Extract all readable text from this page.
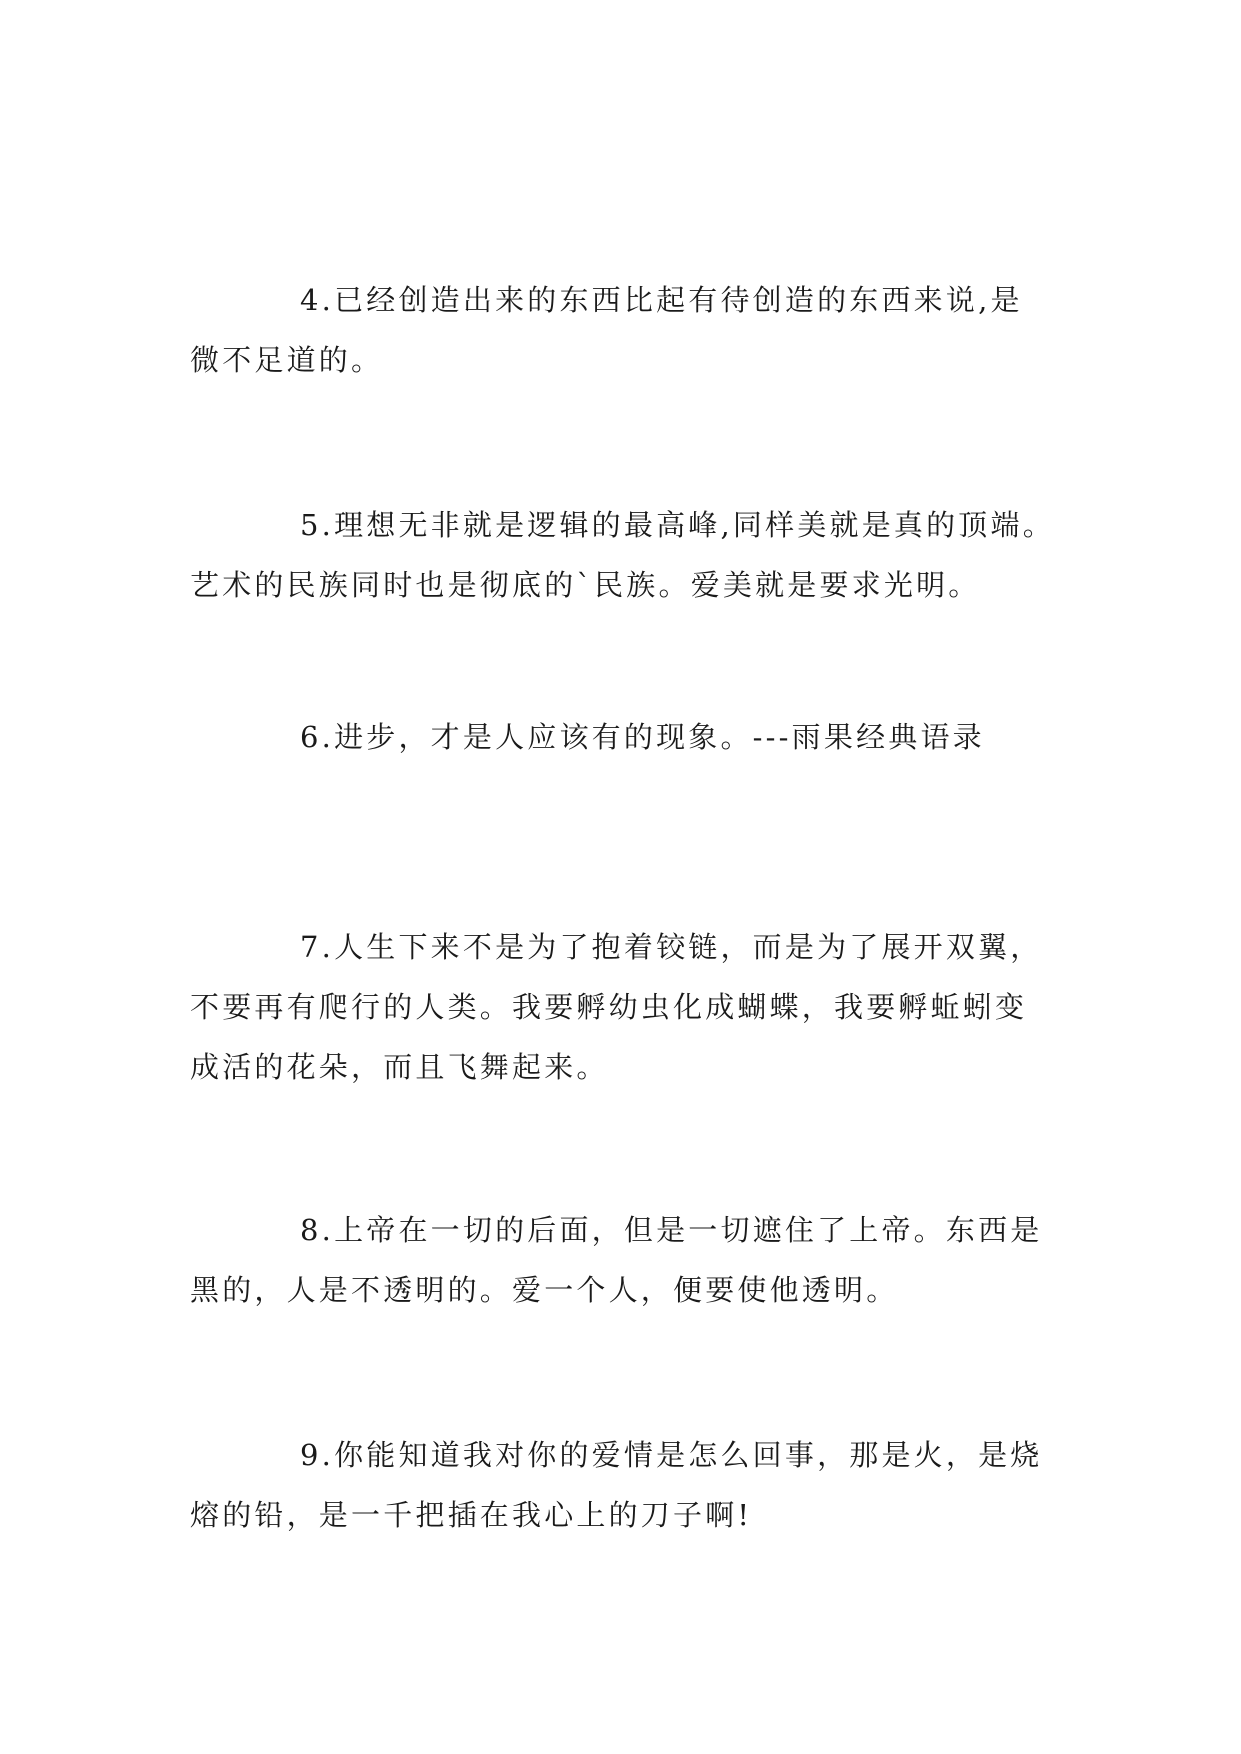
4.已经创造出来的东西比起有待创造的东西来说,是
微不足道的。
5.理想无非就是逻辑的最高峰,同样美就是真的顶端。
艺术的民族同时也是彻底的`民族。爱美就是要求光明。
6.进步，才是人应该有的现象。---雨果经典语录
7.人生下来不是为了抱着铰链，而是为了展开双翼，
不要再有爬行的人类。我要孵幼虫化成蝴蝶，我要孵蚯蚓变
成活的花朵，而且飞舞起来。
8.上帝在一切的后面，但是一切遮住了上帝。东西是
黑的，人是不透明的。爱一个人，便要使他透明。
9.你能知道我对你的爱情是怎么回事，那是火，是烧
熔的铅，是一千把插在我心上的刀子啊!
